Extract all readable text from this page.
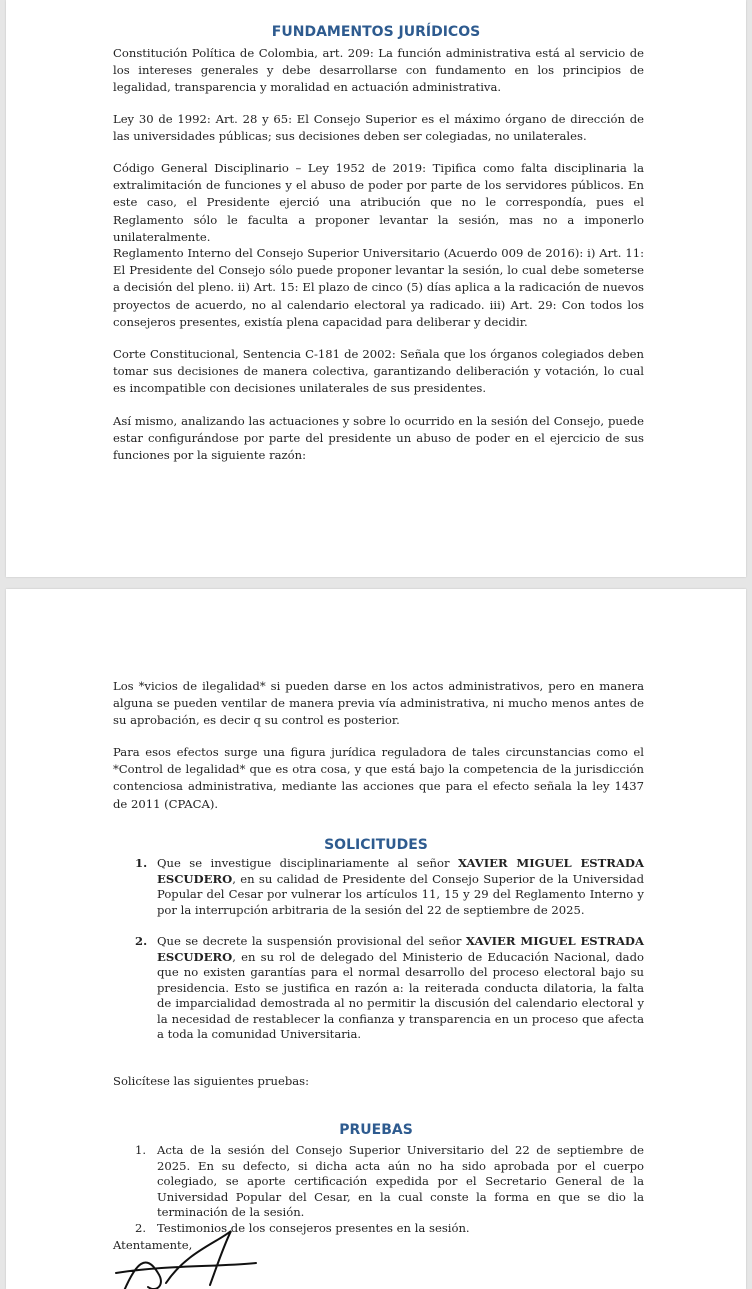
FUNDAMENTOS JURÍDICOS

Constitución Política de Colombia, art. 209: La función administrativa está al servicio de los intereses generales y debe desarrollarse con fundamento en los principios de legalidad, transparencia y moralidad en actuación administrativa.

Ley 30 de 1992: Art. 28 y 65: El Consejo Superior es el máximo órgano de dirección de las universidades públicas; sus decisiones deben ser colegiadas, no unilaterales.

Código General Disciplinario – Ley 1952 de 2019: Tipifica como falta disciplinaria la extralimitación de funciones y el abuso de poder por parte de los servidores públicos. En este caso, el Presidente ejerció una atribución que no le correspondía, pues el Reglamento sólo le faculta a proponer levantar la sesión, mas no a imponerlo unilateralmente.

Reglamento Interno del Consejo Superior Universitario (Acuerdo 009 de 2016): i) Art. 11: El Presidente del Consejo sólo puede proponer levantar la sesión, lo cual debe someterse a decisión del pleno. ii) Art. 15: El plazo de cinco (5) días aplica a la radicación de nuevos proyectos de acuerdo, no al calendario electoral ya radicado. iii) Art. 29: Con todos los consejeros presentes, existía plena capacidad para deliberar y decidir.

Corte Constitucional, Sentencia C-181 de 2002: Señala que los órganos colegiados deben tomar sus decisiones de manera colectiva, garantizando deliberación y votación, lo cual es incompatible con decisiones unilaterales de sus presidentes.

Así mismo, analizando las actuaciones y sobre lo ocurrido en la sesión del Consejo, puede estar configurándose por parte del presidente un abuso de poder en el ejercicio de sus funciones por la siguiente razón:

Los *vicios de ilegalidad* si pueden darse en los actos administrativos, pero en manera alguna se pueden ventilar de manera previa vía administrativa, ni mucho menos antes de su aprobación, es decir q su control es posterior.

Para esos efectos surge una figura jurídica reguladora de tales circunstancias como el *Control de legalidad* que es otra cosa, y que está bajo la competencia de la jurisdicción contenciosa administrativa, mediante las acciones que para el efecto señala la ley 1437 de 2011 (CPACA).

SOLICITUDES
1. Que se investigue disciplinariamente al señor XAVIER MIGUEL ESTRADA ESCUDERO, en su calidad de Presidente del Consejo Superior de la Universidad Popular del Cesar por vulnerar los artículos 11, 15 y 29 del Reglamento Interno y por la interrupción arbitraria de la sesión del 22 de septiembre de 2025.
2. Que se decrete la suspensión provisional del señor XAVIER MIGUEL ESTRADA ESCUDERO, en su rol de delegado del Ministerio de Educación Nacional, dado que no existen garantías para el normal desarrollo del proceso electoral bajo su presidencia. Esto se justifica en razón a: la reiterada conducta dilatoria, la falta de imparcialidad demostrada al no permitir la discusión del calendario electoral y la necesidad de restablecer la confianza y transparencia en un proceso que afecta a toda la comunidad Universitaria.

Solicítese las siguientes pruebas:

PRUEBAS
1. Acta de la sesión del Consejo Superior Universitario del 22 de septiembre de 2025. En su defecto, si dicha acta aún no ha sido aprobada por el cuerpo colegiado, se aporte certificación expedida por el Secretario General de la Universidad Popular del Cesar, en la cual conste la forma en que se dio la terminación de la sesión.
2. Testimonios de los consejeros presentes en la sesión.
Atentamente,
